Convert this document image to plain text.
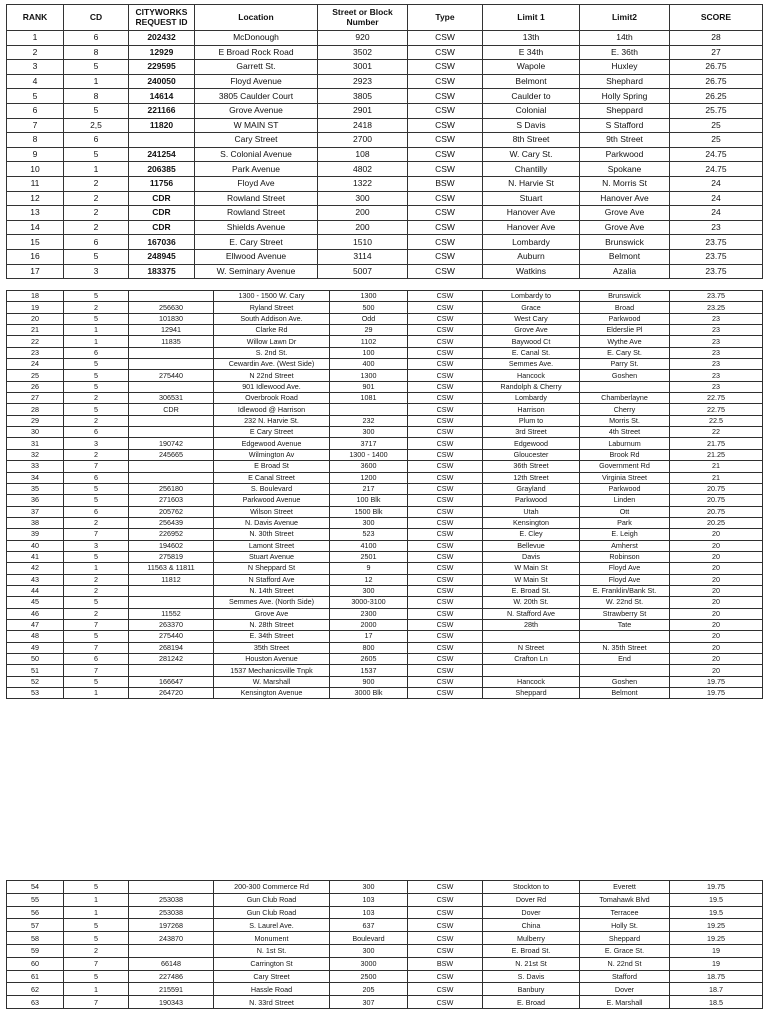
RANK	CD	CITYWORKS REQUEST ID	Location	Street or Block Number	Type	Limit 1	Limit2	SCORE
1	6	202432	McDonough	920	CSW	13th	14th	28
2	8	12929	E Broad Rock Road	3502	CSW	E 34th	E. 36th	27
3	5	229595	Garrett St.	3001	CSW	Wapole	Huxley	26.75
4	1	240050	Floyd Avenue	2923	CSW	Belmont	Shephard	26.75
5	8	14614	3805 Caulder Court	3805	CSW	Caulder to	Holly Spring	26.25
6	5	221166	Grove Avenue	2901	CSW	Colonial	Sheppard	25.75
7	2,5	11820	W MAIN ST	2418	CSW	S Davis	S Stafford	25
8	6		Cary Street	2700	CSW	8th Street	9th Street	25
9	5	241254	S. Colonial Avenue	108	CSW	W. Cary St.	Parkwood	24.75
10	1	206385	Park Avenue	4802	CSW	Chantilly	Spokane	24.75
11	2	11756	Floyd Ave	1322	BSW	N. Harvie St	N. Morris St	24
12	2	CDR	Rowland Street	300	CSW	Stuart	Hanover Ave	24
13	2	CDR	Rowland Street	200	CSW	Hanover Ave	Grove Ave	24
14	2	CDR	Shields Avenue	200	CSW	Hanover Ave	Grove Ave	23
15	6	167036	E. Cary Street	1510	CSW	Lombardy	Brunswick	23.75
16	5	248945	Ellwood Avenue	3114	CSW	Auburn	Belmont	23.75
17	3	183375	W. Seminary Avenue	5007	CSW	Watkins	Azalia	23.75
18	5		1300 - 1500 W. Cary	1300	CSW	Lombardy to	Brunswick	23.75
19	2	256630	Ryland Street	500	CSW	Grace	Broad	23.25
20	5	101830	South Addison Ave.	Odd	CSW	West Cary	Parkwood	23
21	1	12941	Clarke Rd	29	CSW	Grove Ave	Elderslie Pl	23
22	1	11835	Willow Lawn Dr	1102	CSW	Baywood Ct	Wythe Ave	23
23	6		S. 2nd St.	100	CSW	E. Canal St.	E. Cary St.	23
24	5		Cewardin Ave. (West Side)	400	CSW	Semmes Ave.	Parry St.	23
25	5	275440	N 22nd Street	1300	CSW	Hancock	Goshen	23
26	5		901 Idlewood Ave.	901	CSW	Randolph & Cherry		23
27	2	306531	Overbrook Road	1081	CSW	Lombardy	Chamberlayne	22.75
28	5	CDR	Idlewood @ Harrison		CSW	Harrison	Cherry	22.75
29	2		232 N. Harvie St.	232	CSW	Plum to	Morris St.	22.5
30	6		E Cary Street	300	CSW	3rd Street	4th Street	22
31	3	190742	Edgewood Avenue	3717	CSW	Edgewood	Laburnum	21.75
32	2	245665	Wilmington Av	1300 - 1400	CSW	Gloucester	Brook Rd	21.25
33	7		E Broad St	3600	CSW	36th Street	Government Rd	21
34	6		E Canal Street	1200	CSW	12th Street	Virginia Street	21
35	5	256180	S. Boulevard	217	CSW	Grayland	Parkwood	20.75
36	5	271603	Parkwood Avenue	100 Blk	CSW	Parkwood	Linden	20.75
37	6	205762	Wilson Street	1500 Blk	CSW	Utah	Ott	20.75
38	2	256439	N. Davis Avenue	300	CSW	Kensington	Park	20.25
39	7	226952	N. 30th Street	523	CSW	E. Cley	E. Leigh	20
40	3	194602	Lamont Street	4100	CSW	Bellevue	Amherst	20
41	5	275819	Stuart Avenue	2501	CSW	Davis	Robinson	20
42	1	11563 & 11811	N Sheppard St	9	CSW	W Main St	Floyd Ave	20
43	2	11812	N Stafford Ave	12	CSW	W Main St	Floyd Ave	20
44	2		N. 14th Street	300	CSW	E. Broad St.	E. Franklin/Bank St.	20
45	5		Semmes Ave. (North Side)	3000-3100	CSW	W. 20th St.	W. 22nd St.	20
46	2	11552	Grove Ave	2300	CSW	N. Stafford Ave	Strawberry St	20
47	7	263370	N. 28th Street	2000	CSW	28th	Tate	20
48	5	275440	E. 34th Street	17	CSW			20
49	7	268194	35th Street	800	CSW	N Street	N. 35th Street	20
50	6	281242	Houston Avenue	2605	CSW	Crafton Ln	End	20
51	7		1537 Mechanicsville Tnpk	1537	CSW			20
52	5	166647	W. Marshall	900	CSW	Hancock	Goshen	19.75
53	1	264720	Kensington Avenue	3000 Blk	CSW	Sheppard	Belmont	19.75
54	5		200-300 Commerce Rd	300	CSW	Stockton to	Everett	19.75
55	1	253038	Gun Club Road	103	CSW	Dover Rd	Tomahawk Blvd	19.5
56	1	253038	Gun Club Road	103	CSW	Dover	Terracee	19.5
57	5	197268	S. Laurel Ave.	637	CSW	China	Holly St.	19.25
58	5	243870	Monument	Boulevard	CSW	Mulberry	Sheppard	19.25
59	2		N. 1st St.	300	CSW	E. Broad St.	E. Grace St.	19
60	7	66148	Carrington St	3000	BSW	N. 21st St	N. 22nd St	19
61	5	227486	Cary Street	2500	CSW	S. Davis	Stafford	18.75
62	1	215591	Hassle Road	205	CSW	Banbury	Dover	18.7
63	7	190343	N. 33rd Street	307	CSW	E. Broad	E. Marshall	18.5
